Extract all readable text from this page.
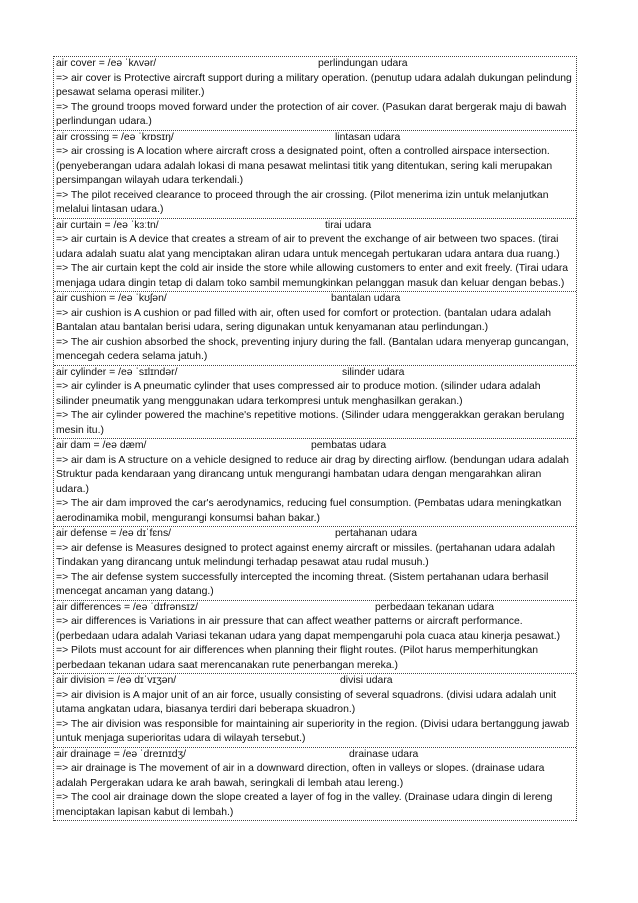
air cover = /eə ˈkʌvər/	perlindungan udara

=> air cover is Protective aircraft support during a military operation. (penutup udara adalah dukungan pelindung pesawat selama operasi militer.)

=> The ground troops moved forward under the protection of air cover. (Pasukan darat bergerak maju di bawah perlindungan udara.)

air crossing = /eə ˈkrɒsɪŋ/	lintasan udara

=> air crossing is A location where aircraft cross a designated point, often a controlled airspace intersection. (penyeberangan udara adalah lokasi di mana pesawat melintasi titik yang ditentukan, sering kali merupakan persimpangan wilayah udara terkendali.)

=> The pilot received clearance to proceed through the air crossing. (Pilot menerima izin untuk melanjutkan melalui lintasan udara.)

air curtain = /eə ˈkɜːtn/	tirai udara

=> air curtain is A device that creates a stream of air to prevent the exchange of air between two spaces. (tirai udara adalah suatu alat yang menciptakan aliran udara untuk mencegah pertukaran udara antara dua ruang.)

=> The air curtain kept the cold air inside the store while allowing customers to enter and exit freely. (Tirai udara menjaga udara dingin tetap di dalam toko sambil memungkinkan pelanggan masuk dan keluar dengan bebas.)

air cushion = /eə ˈkʊʃən/	bantalan udara

=> air cushion is A cushion or pad filled with air, often used for comfort or protection. (bantalan udara adalah Bantalan atau bantalan berisi udara, sering digunakan untuk kenyamanan atau perlindungan.)

=> The air cushion absorbed the shock, preventing injury during the fall. (Bantalan udara menyerap guncangan, mencegah cedera selama jatuh.)

air cylinder = /eə ˈsɪlɪndər/	silinder udara

=> air cylinder is A pneumatic cylinder that uses compressed air to produce motion. (silinder udara adalah silinder pneumatik yang menggunakan udara terkompresi untuk menghasilkan gerakan.)

=> The air cylinder powered the machine's repetitive motions. (Silinder udara menggerakkan gerakan berulang mesin itu.)

air dam = /eə dæm/	pembatas udara

=> air dam is A structure on a vehicle designed to reduce air drag by directing airflow. (bendungan udara adalah Struktur pada kendaraan yang dirancang untuk mengurangi hambatan udara dengan mengarahkan aliran udara.)

=> The air dam improved the car's aerodynamics, reducing fuel consumption. (Pembatas udara meningkatkan aerodinamika mobil, mengurangi konsumsi bahan bakar.)

air defense = /eə dɪˈfɛns/	pertahanan udara

=> air defense is Measures designed to protect against enemy aircraft or missiles. (pertahanan udara adalah Tindakan yang dirancang untuk melindungi terhadap pesawat atau rudal musuh.)

=> The air defense system successfully intercepted the incoming threat. (Sistem pertahanan udara berhasil mencegat ancaman yang datang.)

air differences = /eə ˈdɪfrənsɪz/	perbedaan tekanan udara

=> air differences is Variations in air pressure that can affect weather patterns or aircraft performance. (perbedaan udara adalah Variasi tekanan udara yang dapat mempengaruhi pola cuaca atau kinerja pesawat.)

=> Pilots must account for air differences when planning their flight routes. (Pilot harus memperhitungkan perbedaan tekanan udara saat merencanakan rute penerbangan mereka.)

air division = /eə dɪˈvɪʒən/	divisi udara

=> air division is A major unit of an air force, usually consisting of several squadrons. (divisi udara adalah unit utama angkatan udara, biasanya terdiri dari beberapa skuadron.)

=> The air division was responsible for maintaining air superiority in the region. (Divisi udara bertanggung jawab untuk menjaga superioritas udara di wilayah tersebut.)

air drainage = /eə ˈdreɪnɪdʒ/	drainase udara

=> air drainage is The movement of air in a downward direction, often in valleys or slopes. (drainase udara adalah Pergerakan udara ke arah bawah, seringkali di lembah atau lereng.)

=> The cool air drainage down the slope created a layer of fog in the valley. (Drainase udara dingin di lereng menciptakan lapisan kabut di lembah.)
